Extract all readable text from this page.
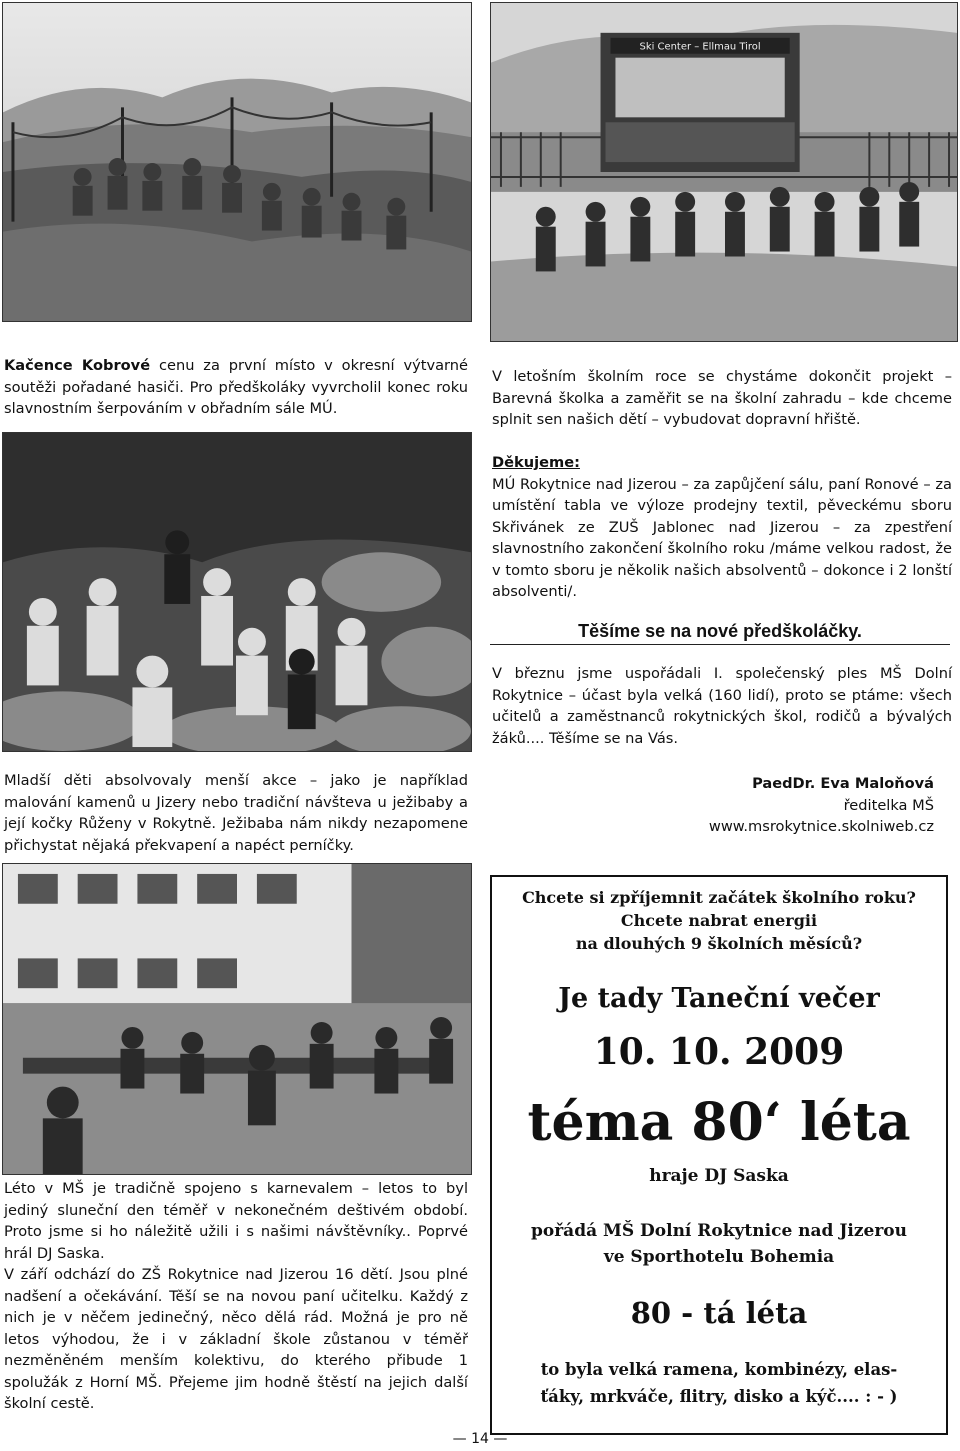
Ski Center – Ellmau Tirol

Kačence Kobrové cenu za první místo v okresní výtvarné soutěži pořadané hasiči. Pro předškoláky vyvrcholil konec roku slavnostním šerpováním v obřadním sále MÚ.

V letošním školním roce se chystáme dokončit projekt – Barevná školka a zaměřit se na školní zahradu – kde chceme splnit sen našich dětí – vybudovat dopravní hřiště.

Děkujeme:

MÚ Rokytnice nad Jizerou – za zapůjčení sálu, paní Ronové – za umístění tabla ve výloze prodejny textil, pěveckému sboru Skřivánek ze ZUŠ Jablonec nad Jizerou – za zpestření slavnostního zakončení školního roku /máme velkou radost, že v tomto sboru je několik našich absolventů – dokonce i 2 lonští absolventi/.

Těšíme se na nové předškoláčky.

V březnu jsme uspořádali I. společenský ples MŠ Dolní Rokytnice – účast byla velká (160 lidí), proto se ptáme: všech učitelů a zaměstnanců rokytnických škol, rodičů a bývalých žáků.... Těšíme se na Vás.

PaedDr. Eva Maloňová
ředitelka MŠ
www.msrokytnice.skolniweb.cz

Mladší děti absolvovaly menší akce – jako je například malování kamenů u Jizery nebo tradiční návšteva u ježibaby a její kočky Růženy v Rokytně. Ježibaba nám nikdy nezapomene přichystat nějaká překvapení a napéct perníčky.

Léto v MŠ je tradičně spojeno s karnevalem – letos to byl jediný sluneční den téměř v nekonečném deštivém období. Proto jsme si ho náležitě užili i s našimi návštěvníky.. Poprvé hrál DJ Saska.

V září odchází do ZŠ Rokytnice nad Jizerou 16 dětí. Jsou plné nadšení a očekávání. Těší se na novou paní učitelku. Každý z nich je v něčem jedinečný, něco dělá rád. Možná je pro ně letos výhodou, že i v základní škole zůstanou v téměř nezměněném menším kolektivu, do kterého přibude 1 spolužák z Horní MŠ. Přejeme jim hodně štěstí na jejich další školní cestě.

Chcete si zpříjemnit začátek školního roku?
Chcete nabrat energii
na dlouhých 9 školních měsíců?
Je tady Taneční večer
10. 10. 2009
téma 80‘ léta
hraje DJ Saska
pořádá MŠ Dolní Rokytnice nad Jizerou
ve Sporthotelu Bohemia
80 - tá léta
to byla velká ramena, kombinézy, elas-
ťáky, mrkváče, flitry, disko a kýč.... : - )
— 14 —
